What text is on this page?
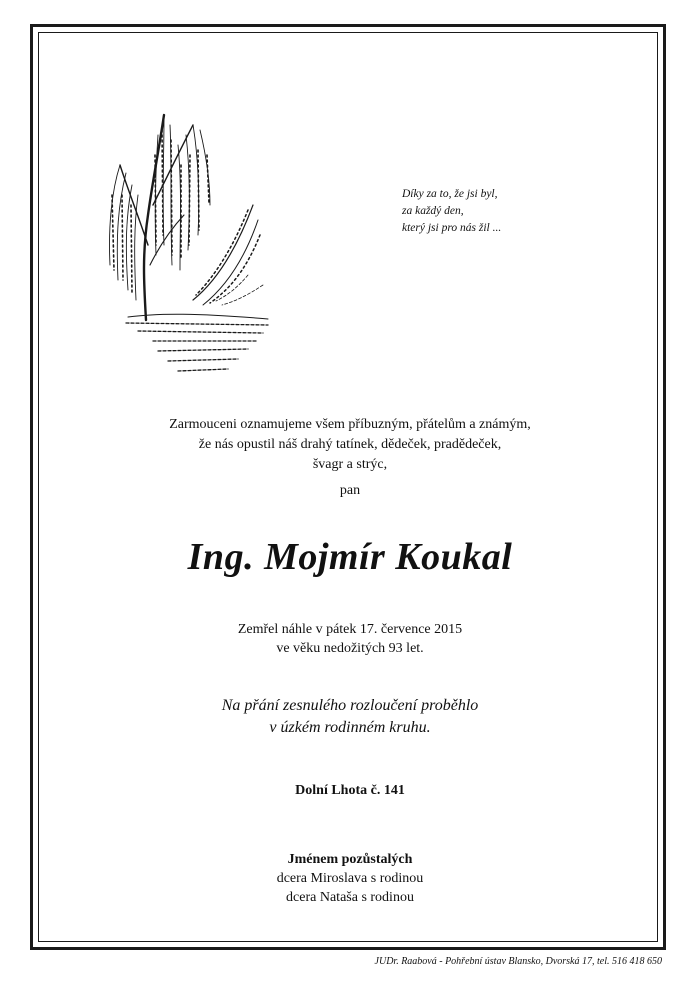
Díky za to, že jsi byl,
za každý den,
který jsi pro nás žil ...
Zarmouceni oznamujeme všem příbuzným, přátelům a známým,
že nás opustil náš drahý tatínek, dědeček, pradědeček,
švagr a strýc,
pan
Ing. Mojmír Koukal
Zemřel náhle v pátek 17. července 2015
ve věku nedožitých 93 let.
Na přání zesnulého rozloučení proběhlo
v úzkém rodinném kruhu.
Dolní Lhota č. 141
Jménem pozůstalých
dcera Miroslava s rodinou
dcera Nataša s rodinou
JUDr. Raabová - Pohřební ústav Blansko, Dvorská 17, tel. 516 418 650
